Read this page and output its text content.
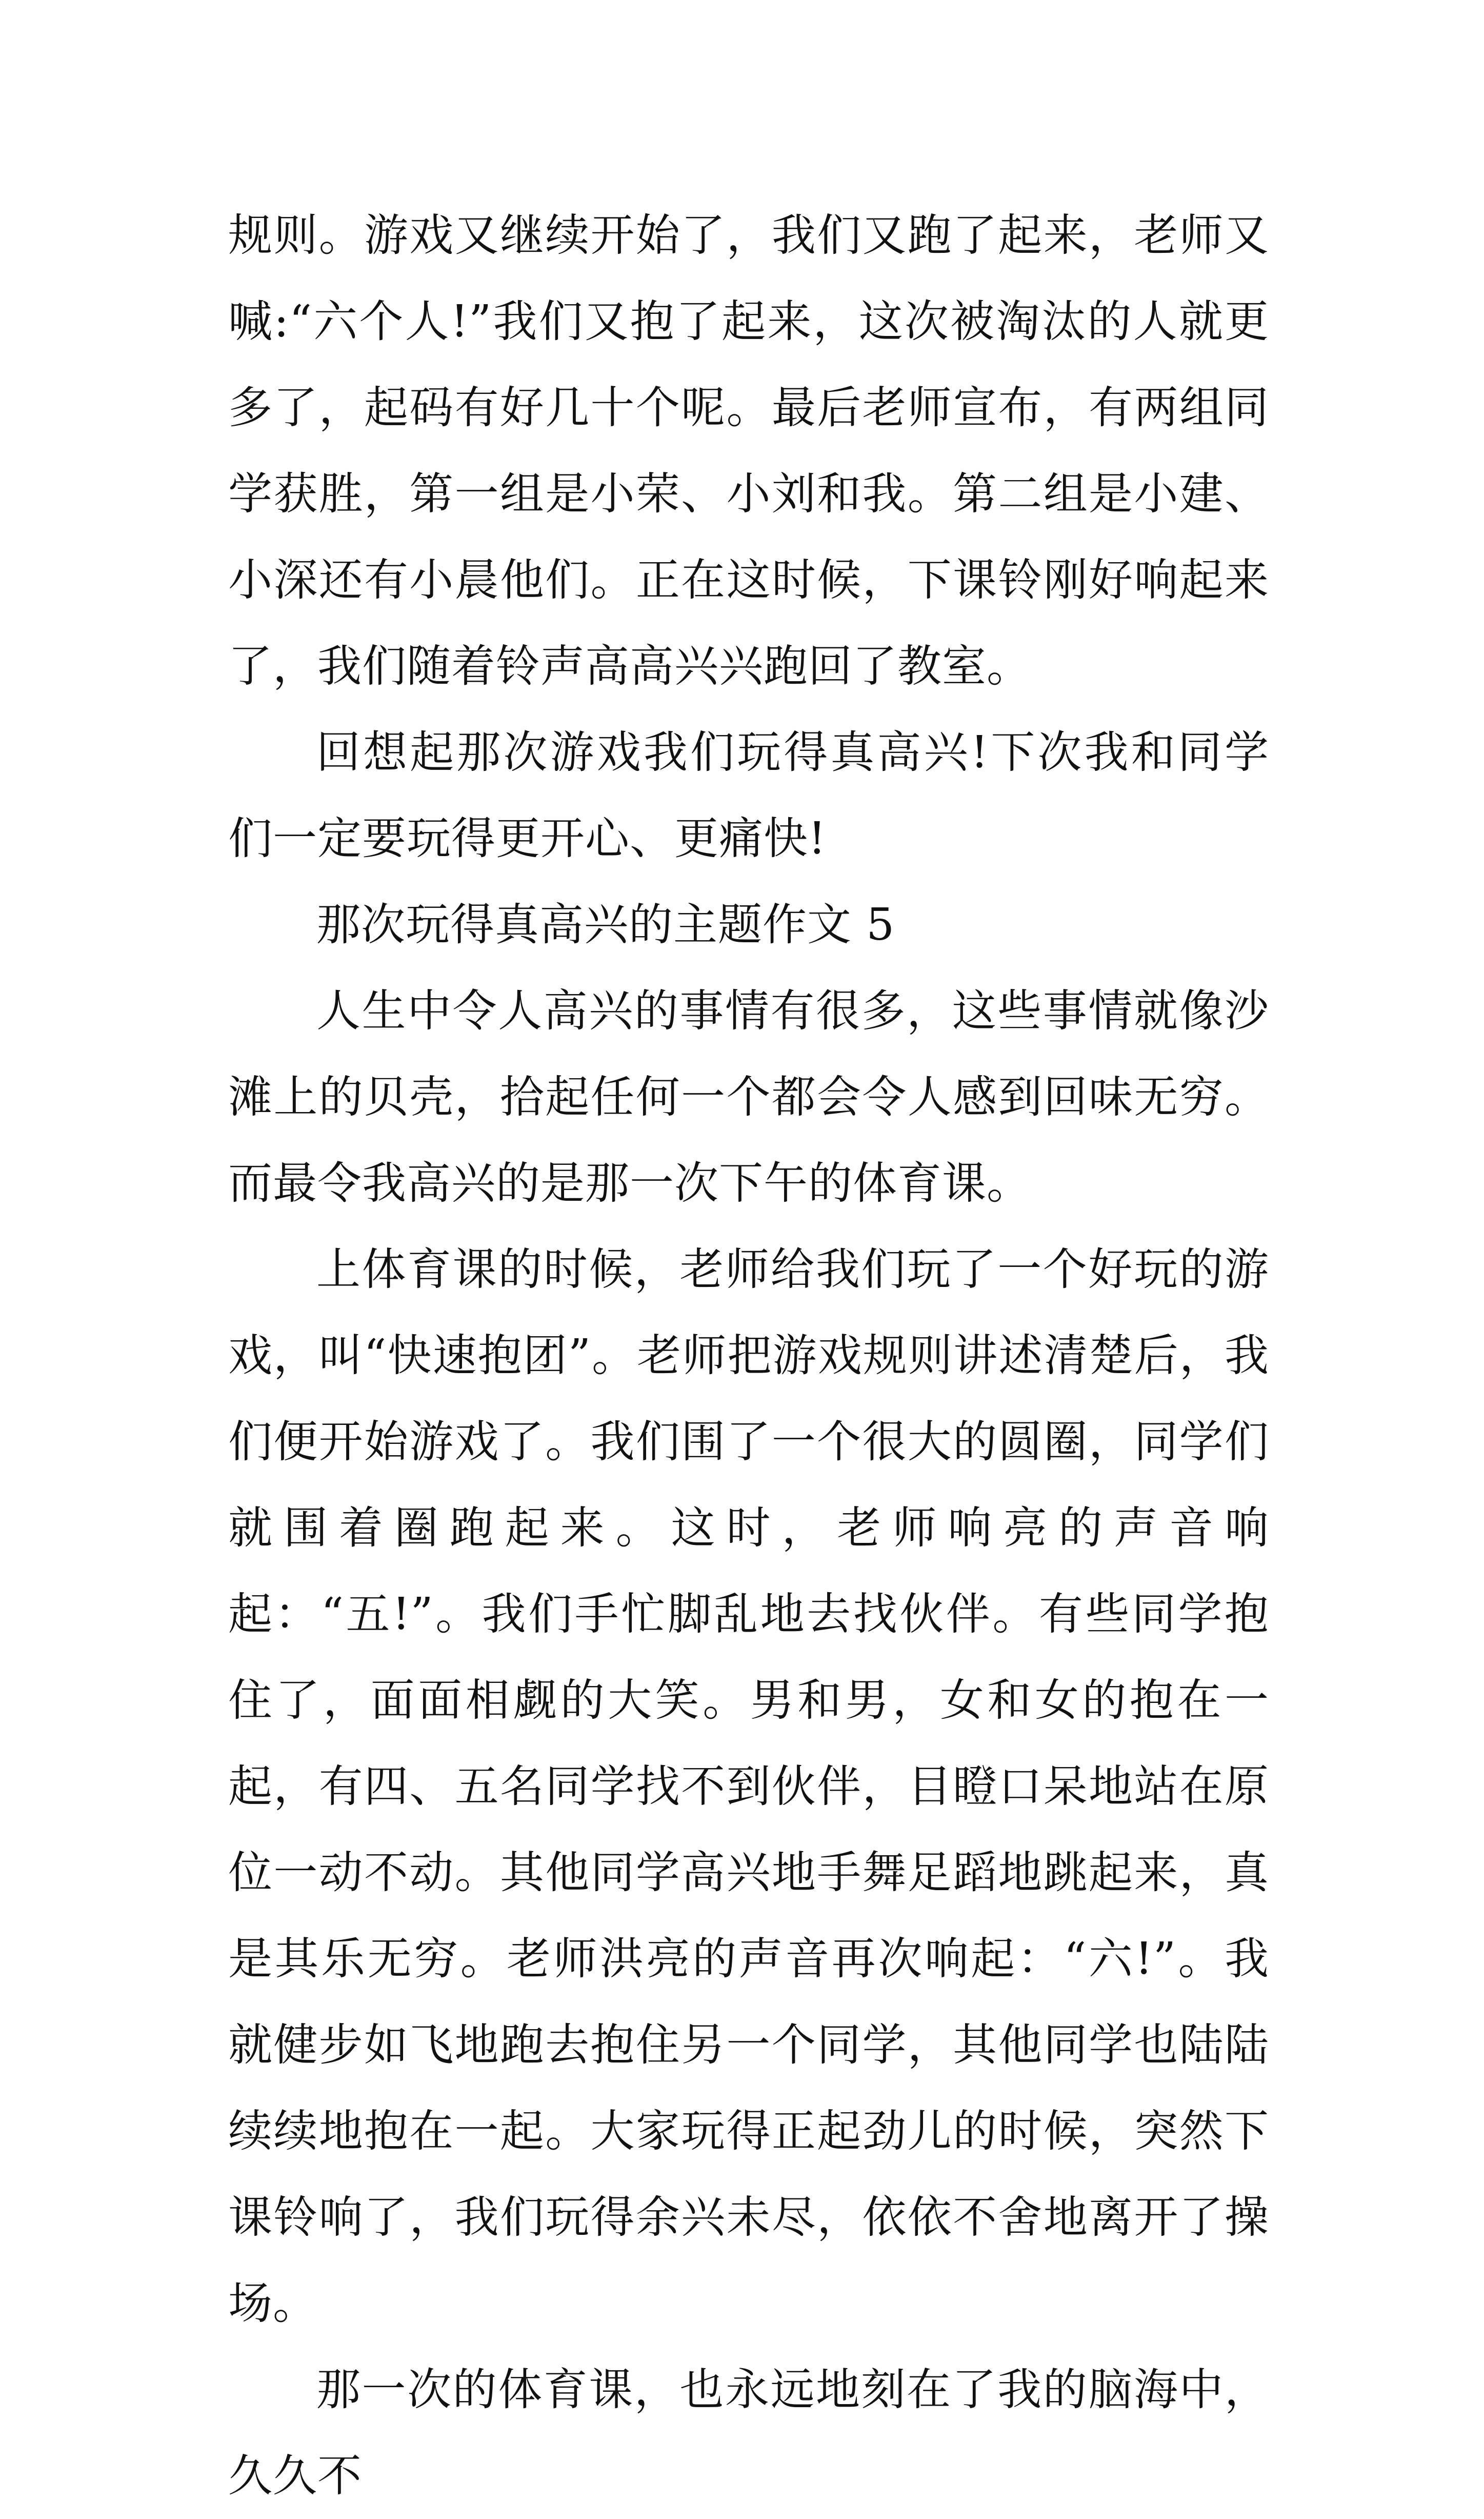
规则。游戏又继续开始了，我们又跑了起来，老师又喊:“六个人!”我们又抱了起来，这次被淘汰的人就更多了，起码有好几十个呢。最后老师宣布，有两组同学获胜，第一组是小荣、小刘和我。第二组是小建、小深还有小晨他们。正在这时候，下课铃刚好响起来了，我们随着铃声高高兴兴跑回了教室。

回想起那次游戏我们玩得真高兴!下次我和同学们一定要玩得更开心、更痛快!

那次玩得真高兴的主题作文 5

人生中令人高兴的事情有很多，这些事情就像沙滩上的贝壳，拾起任何一个都会令人感到回味无穷。而最令我高兴的是那一次下午的体育课。

上体育课的时候，老师给我们玩了一个好玩的游戏，叫“快速抱团”。老师把游戏规则讲述清楚后，我们便开始游戏了。我们围了一个很大的圆圈，同学们就围着圈跑起来。这时，老师响亮的声音响起：“五!”。我们手忙脚乱地去找伙伴。有些同学抱住了，面面相觑的大笑。男和男，女和女的抱在一起，有四、五名同学找不到伙伴，目瞪口呆地站在原位一动不动。其他同学高兴地手舞足蹈地跳起来，真是其乐无穷。老师洪亮的声音再次响起：“六!”。我就健步如飞地跑去抱住另一个同学，其他同学也陆陆续续地抱在一起。大家玩得正起劲儿的时候，突然下课铃响了，我们玩得余兴未尽，依依不舍地离开了操场。

那一次的体育课，也永远地刻在了我的脑海中，久久不
